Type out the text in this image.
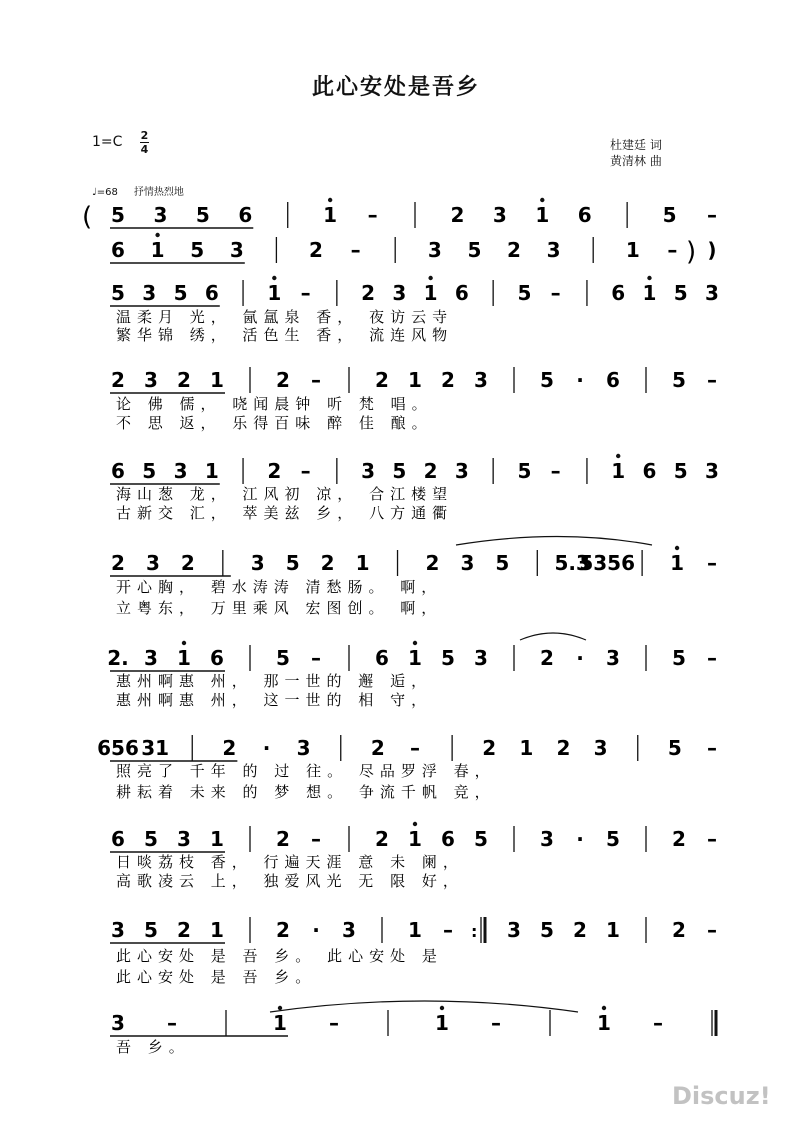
此心安处是吾乡
1=C 2
4	杜建廷 词
黄清林 曲
♩=68 抒情热烈地
( 5 3 5 6	1 –	2 3 1 6	5 –
6 1 5 3	2 –	3 5 2 3	1 – )
5 3 5 6 1 –	2 3 1 6 5 –	6 1 5 3
温柔月 光， 氤氲泉 香， 夜访云寺
繁华锦 绣， 活色生 香， 流连风物
2 3 2 1	2 –	2 1 2 3	5 · 6	5 –
论 佛 儒， 哓闻晨钟 听 梵 唱。
不 思 返， 乐得百味 醉 佳 酿。
6 5 3 1 2 –	3 5 2 3 5 –	1 6 5 3
海山葱 龙， 江风初 凉， 合江楼望
古新交 汇， 萃美兹 乡， 八方通衢
2 3 2	3 5 2 1	2 3 5 5.3
5356 1 –
开心胸， 碧水涛涛 清愁肠。 啊，
立粤东， 万里乘风 宏图创。 啊，
2. 3 1 6	5 –	6 1 5 3	2 · 3	5 –
惠州啊惠 州， 那一世的 邂 逅，
惠州啊惠 州， 这一世的 相 守，
656 31	2 · 3	2 –	2 1 2 3	5 –
照亮了 千年 的 过 往。 尽品罗浮 春，
耕耘着 未来 的 梦 想。 争流千帆 竞，
6 5 3 1	2 –	2 1 6 5	3 · 5	2 –
日啖荔枝 香， 行遍天涯 意 未 阑，
高歌凌云 上， 独爱风光 无 限 好，
3 5 2 1	2 · 3	1 – : 3 5 2 1	2 –
此心安处 是 吾 乡。 此心安处 是
此心安处 是 吾 乡。
3 –	1 –	1 –	1 –
吾 乡。
)
Discuz!
